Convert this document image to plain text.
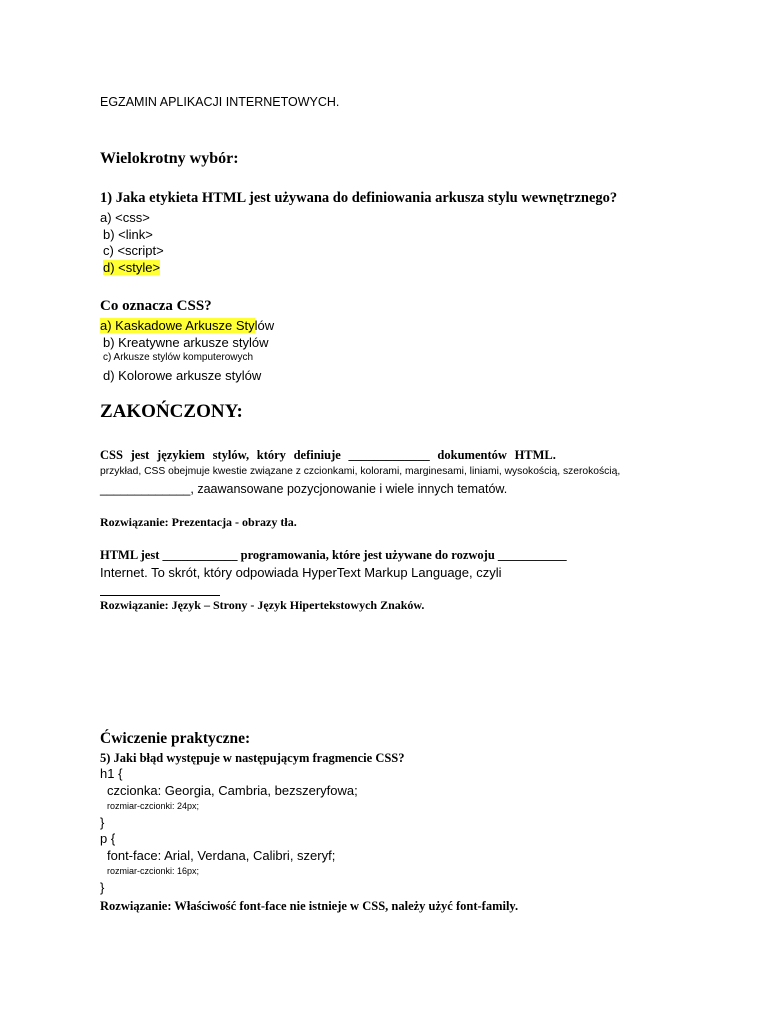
EGZAMIN APLIKACJI INTERNETOWYCH.
Wielokrotny wybór:
1) Jaka etykieta HTML jest używana do definiowania arkusza stylu wewnętrznego?
a) <css>
b) <link>
c) <script>
d) <style>
Co oznacza CSS?
a) Kaskadowe Arkusze Stylów
b) Kreatywne arkusze stylów
c) Arkusze stylów komputerowych
d) Kolorowe arkusze stylów
ZAKOŃCZONY:
CSS jest językiem stylów, który definiuje _____________ dokumentów HTML.
przykład, CSS obejmuje kwestie związane z czcionkami, kolorami, marginesami, liniami, wysokością, szerokością,
_____________, zaawansowane pozycjonowanie i wiele innych tematów.
Rozwiązanie: Prezentacja - obrazy tła.
HTML jest ____________ programowania, które jest używane do rozwoju ___________
Internet. To skrót, który odpowiada HyperText Markup Language, czyli
Rozwiązanie: Język – Strony - Język Hipertekstowych Znaków.
Ćwiczenie praktyczne:
5) Jaki błąd występuje w następującym fragmencie CSS?
h1 {
czcionka: Georgia, Cambria, bezszeryfowa;
rozmiar-czcionki: 24px;
}
p {
font-face: Arial, Verdana, Calibri, szeryf;
rozmiar-czcionki: 16px;
}
Rozwiązanie: Właściwość font-face nie istnieje w CSS, należy użyć font-family.
